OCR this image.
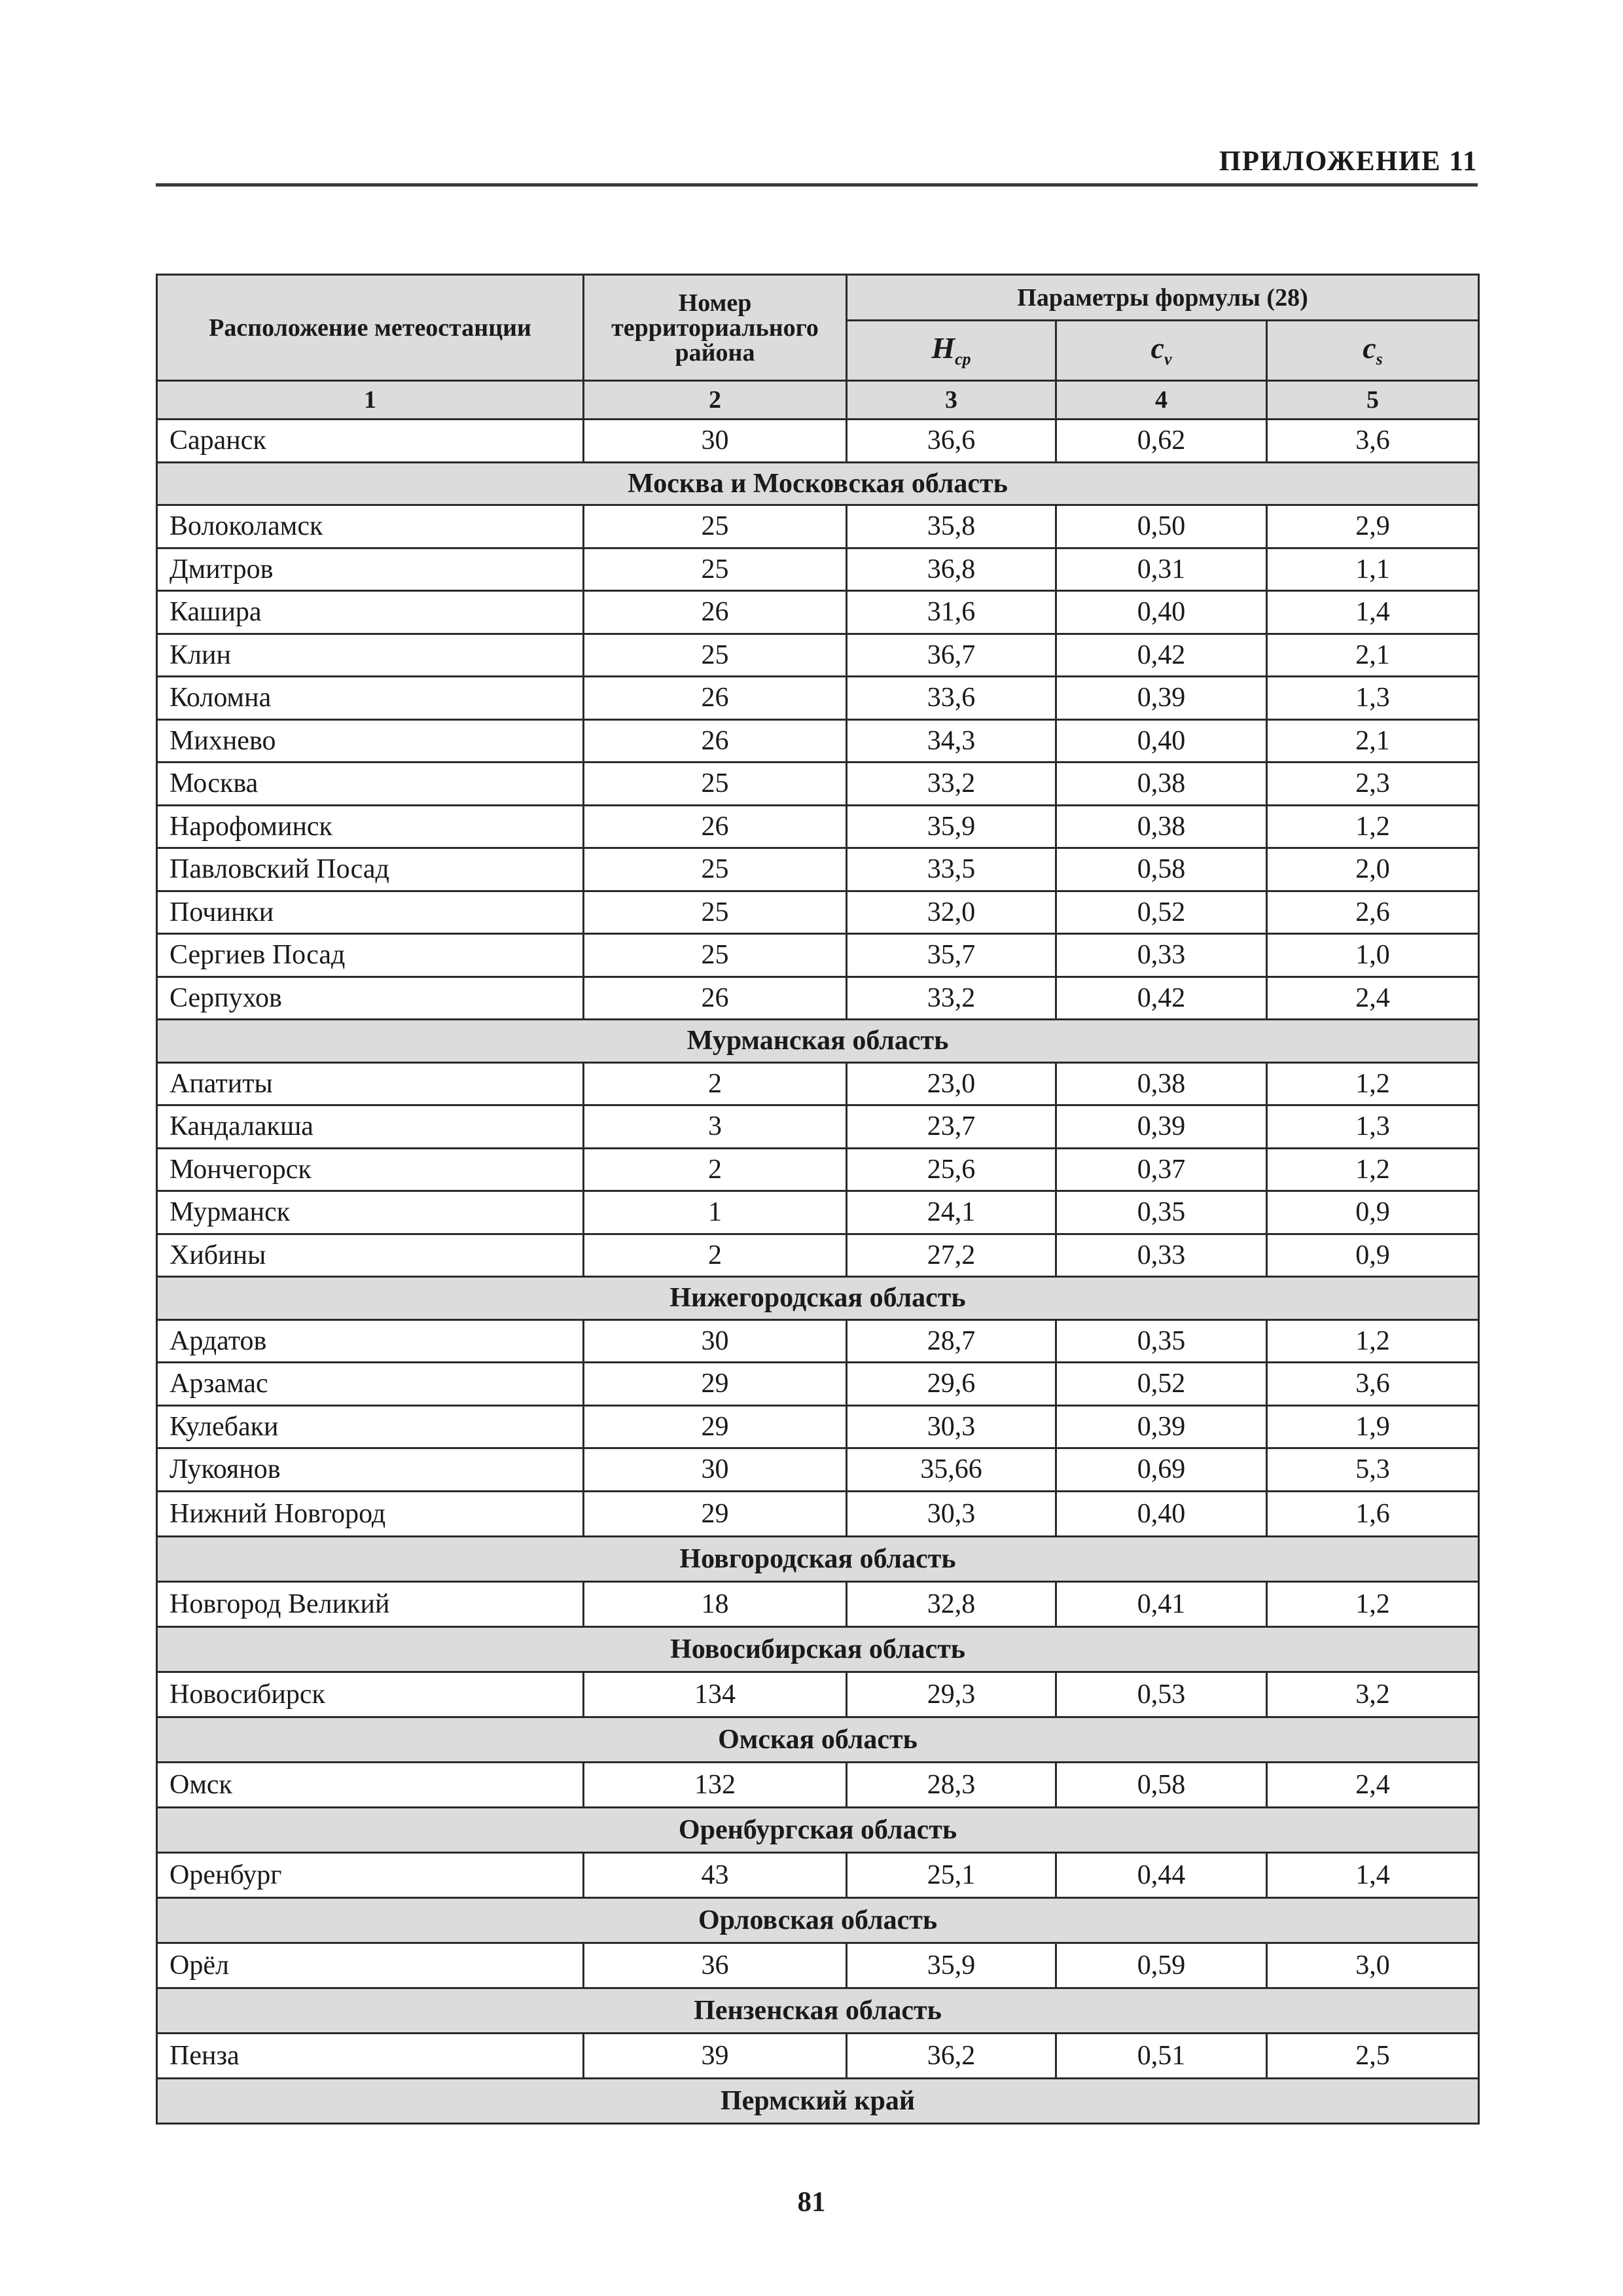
ПРИЛОЖЕНИЕ 11
Расположение метеостанции	Номер территориального района	Параметры формулы (28)		
		$H_{ср}$	$c_v$	$c_s$
1	2	3	4	5
Саранск	30	36,6	0,62	3,6
Москва и Московская область				
Волоколамск	25	35,8	0,50	2,9
Дмитров	25	36,8	0,31	1,1
Кашира	26	31,6	0,40	1,4
Клин	25	36,7	0,42	2,1
Коломна	26	33,6	0,39	1,3
Михнево	26	34,3	0,40	2,1
Москва	25	33,2	0,38	2,3
Нарофоминск	26	35,9	0,38	1,2
Павловский Посад	25	33,5	0,58	2,0
Починки	25	32,0	0,52	2,6
Сергиев Посад	25	35,7	0,33	1,0
Серпухов	26	33,2	0,42	2,4
Мурманская область				
Апатиты	2	23,0	0,38	1,2
Кандалакша	3	23,7	0,39	1,3
Мончегорск	2	25,6	0,37	1,2
Мурманск	1	24,1	0,35	0,9
Хибины	2	27,2	0,33	0,9
Нижегородская область				
Ардатов	30	28,7	0,35	1,2
Арзамас	29	29,6	0,52	3,6
Кулебаки	29	30,3	0,39	1,9
Лукоянов	30	35,66	0,69	5,3
Нижний Новгород	29	30,3	0,40	1,6
Новгородская область				
Новгород Великий	18	32,8	0,41	1,2
Новосибирская область				
Новосибирск	134	29,3	0,53	3,2
Омская область				
Омск	132	28,3	0,58	2,4
Оренбургская область				
Оренбург	43	25,1	0,44	1,4
Орловская область				
Орёл	36	35,9	0,59	3,0
Пензенская область				
Пенза	39	36,2	0,51	2,5
Пермский край				
81
